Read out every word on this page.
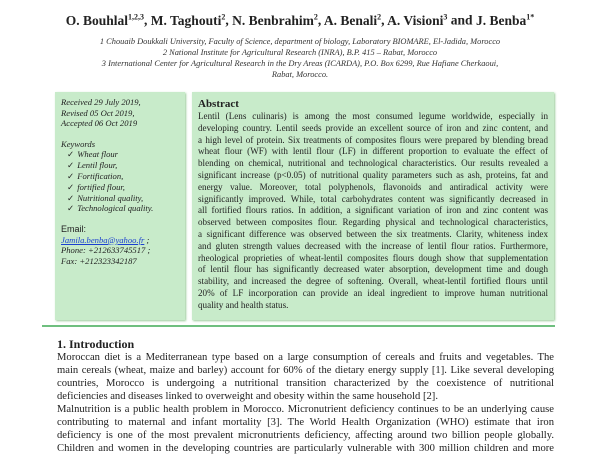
O. Bouhlal$^{1,2,3}$, M. Taghouti$^2$, N. Benbrahim$^2$, A. Benali$^2$, A. Visioni$^3$ and J. Benba$^{1*}$
1 Chouaib Doukkali University, Faculty of Science, department of biology, Laboratory BIOMARE, El-Jadida, Morocco
2 National Institute for Agricultural Research (INRA), B.P. 415 – Rabat, Morocco
3 International Center for Agricultural Research in the Dry Areas (ICARDA), P.O. Box 6299, Rue Hafiane Cherkaoui,
Rabat, Morocco.
Received 29 July 2019,
Revised 05 Oct 2019,
Accepted 06 Oct 2019
Keywords
✓ Wheat flour
✓ Lentil flour,
✓ Fortification,
✓ fortified flour,
✓ Nutritional quality,
✓ Technological quality.
Email:
Jamila.benba@yahoo.fr ;
Phone: +212633745517 ;
Fax: +212323342187
Abstract
Lentil (Lens culinaris) is among the most consumed legume worldwide, especially in
developing country. Lentil seeds provide an excellent source of iron and zinc content, and
a high level of protein. Six treatments of composites flours were prepared by blending bread
wheat flour (WF) with lentil flour (LF) in different proportion to evaluate the effect of
blending on chemical, nutritional and technological characteristics. Our results revealed a
significant increase (p<0.05) of nutritional quality parameters such as ash, proteins, fat and
energy value. Moreover, total polyphenols, flavonoids and antiradical activity were
significantly improved. While, total carbohydrates content was significantly decreased in
all fortified flours ratios. In addition, a significant variation of iron and zinc content was
observed between composites flour. Regarding physical and technological characteristics,
a significant difference was observed between the six treatments. Clarity, whiteness index
and gluten strength values decreased with the increase of lentil flour ratios. Furthermore,
rheological proprieties of wheat-lentil composites flours dough show that supplementation
of lentil flour has significantly decreased water absorption, development time and dough
stability, and increased the degree of softening. Overall, wheat-lentil fortified flours until
20% of LF incorporation can provide an ideal ingredient to improve human nutritional
quality and health status.
1. Introduction
Moroccan diet is a Mediterranean type based on a large consumption of cereals and fruits and vegetables. The
main cereals (wheat, maize and barley) account for 60% of the dietary energy supply [1]. Like several developing
countries, Morocco is undergoing a nutritional transition characterized by the coexistence of nutritional
deficiencies and diseases linked to overweight and obesity within the same household [2].
Malnutrition is a public health problem in Morocco. Micronutrient deficiency continues to be an underlying cause
contributing to maternal and infant mortality [3]. The World Health Organization (WHO) estimate that iron
deficiency is one of the most prevalent micronutrients deficiency, affecting around two billion people globally.
Children and women in the developing countries are particularly vulnerable with 300 million children and more
